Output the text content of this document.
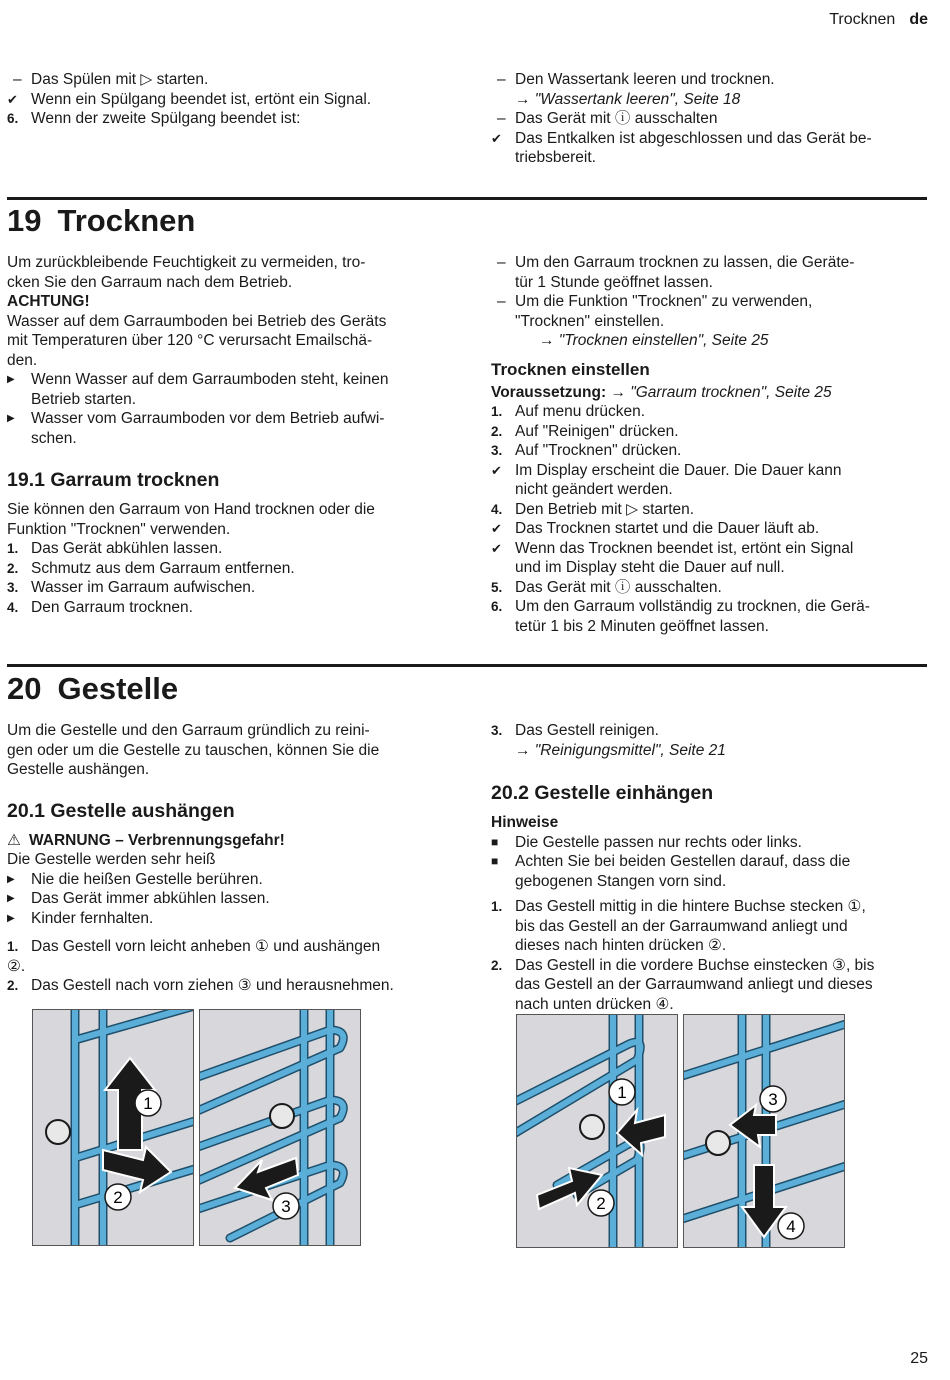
Trocknen de
– Das Spülen mit ▷ starten.
✔ Wenn ein Spülgang beendet ist, ertönt ein Signal.
6. Wenn der zweite Spülgang beendet ist:
– Den Wassertank leeren und trocknen.
→ "Wassertank leeren", Seite 18
– Das Gerät mit ⓘ ausschalten
✔ Das Entkalken ist abgeschlossen und das Gerät be-
triebsbereit.
19 Trocknen
Um zurückbleibende Feuchtigkeit zu vermeiden, tro-
cken Sie den Garraum nach dem Betrieb.
ACHTUNG!
Wasser auf dem Garraumboden bei Betrieb des Geräts
mit Temperaturen über 120 °C verursacht Emailschä-
den.
▶	Wenn Wasser auf dem Garraumboden steht, keinen
Betrieb starten.
▶	Wasser vom Garraumboden vor dem Betrieb aufwi-
schen.
19.1 Garraum trocknen
Sie können den Garraum von Hand trocknen oder die
Funktion "Trocknen" verwenden.
1. Das Gerät abkühlen lassen.
2. Schmutz aus dem Garraum entfernen.
3. Wasser im Garraum aufwischen.
4. Den Garraum trocknen.
– Um den Garraum trocknen zu lassen, die Geräte-
tür 1 Stunde geöffnet lassen.
– Um die Funktion "Trocknen" zu verwenden,
"Trocknen" einstellen.
→ "Trocknen einstellen", Seite 25
Trocknen einstellen
Voraussetzung: → "Garraum trocknen", Seite 25
1. Auf menu drücken.
2. Auf "Reinigen" drücken.
3. Auf "Trocknen" drücken.
✔ Im Display erscheint die Dauer. Die Dauer kann
nicht geändert werden.
4. Den Betrieb mit ▷ starten.
✔ Das Trocknen startet und die Dauer läuft ab.
✔ Wenn das Trocknen beendet ist, ertönt ein Signal
und im Display steht die Dauer auf null.
5. Das Gerät mit ⓘ ausschalten.
6. Um den Garraum vollständig zu trocknen, die Gerä-
tetür 1 bis 2 Minuten geöffnet lassen.
20 Gestelle
Um die Gestelle und den Garraum gründlich zu reini-
gen oder um die Gestelle zu tauschen, können Sie die
Gestelle aushängen.
20.1 Gestelle aushängen
⚠ WARNUNG – Verbrennungsgefahr!
Die Gestelle werden sehr heiß
▶	Nie die heißen Gestelle berühren.
▶	Das Gerät immer abkühlen lassen.
▶	Kinder fernhalten.
1. Das Gestell vorn leicht anheben ① und aushängen
②.
2. Das Gestell nach vorn ziehen ③ und herausnehmen.
3. Das Gestell reinigen.
→ "Reinigungsmittel", Seite 21
20.2 Gestelle einhängen
Hinweise
■	Die Gestelle passen nur rechts oder links.
■	Achten Sie bei beiden Gestellen darauf, dass die
gebogenen Stangen vorn sind.
1. Das Gestell mittig in die hintere Buchse stecken ①,
bis das Gestell an der Garraumwand anliegt und
dieses nach hinten drücken ②.
2. Das Gestell in die vordere Buchse einstecken ③, bis
das Gestell an der Garraumwand anliegt und dieses
nach unten drücken ④.
1
2	3
1
2
3
4
25
